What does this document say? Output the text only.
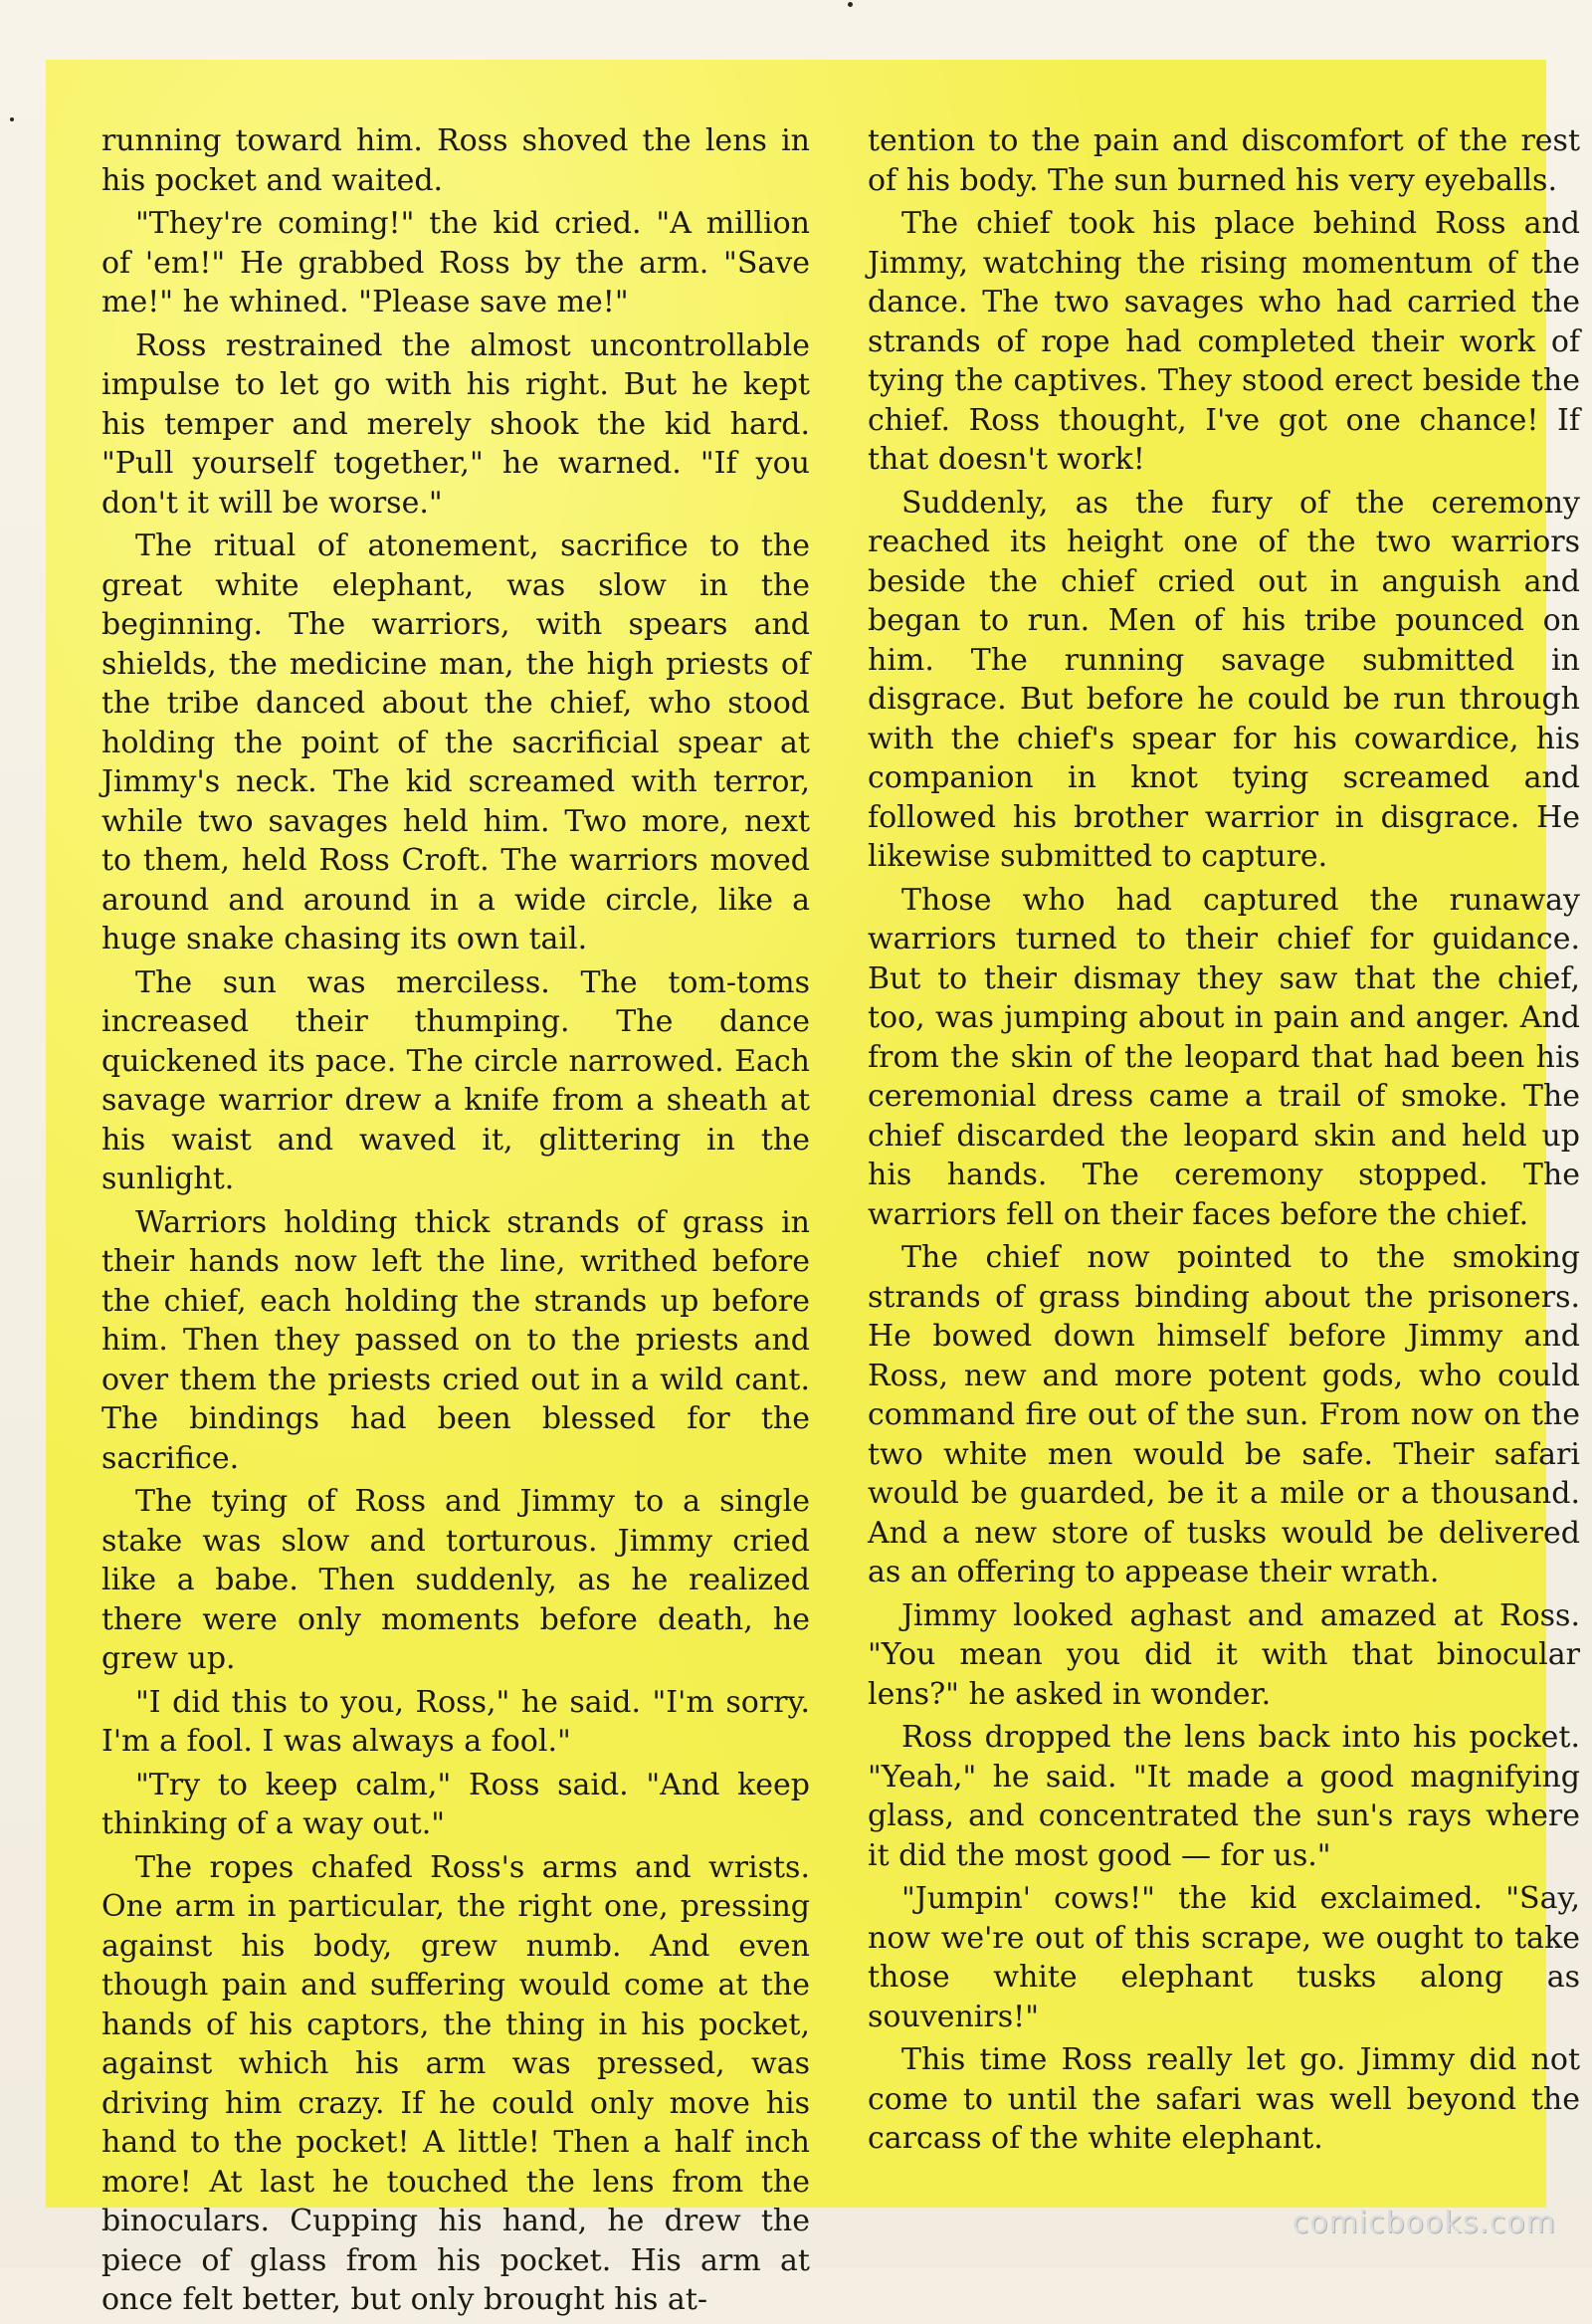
running toward him. Ross shoved the lens in his pocket and waited.

"They're coming!" the kid cried. "A million of 'em!" He grabbed Ross by the arm. "Save me!" he whined. "Please save me!"

Ross restrained the almost uncontrollable impulse to let go with his right. But he kept his temper and merely shook the kid hard. "Pull yourself together," he warned. "If you don't it will be worse."

The ritual of atonement, sacrifice to the great white elephant, was slow in the beginning. The warriors, with spears and shields, the medicine man, the high priests of the tribe danced about the chief, who stood holding the point of the sacrificial spear at Jimmy's neck. The kid screamed with terror, while two savages held him. Two more, next to them, held Ross Croft. The warriors moved around and around in a wide circle, like a huge snake chasing its own tail.

The sun was merciless. The tom-toms increased their thumping. The dance quickened its pace. The circle narrowed. Each savage warrior drew a knife from a sheath at his waist and waved it, glittering in the sunlight.

Warriors holding thick strands of grass in their hands now left the line, writhed before the chief, each holding the strands up before him. Then they passed on to the priests and over them the priests cried out in a wild cant. The bindings had been blessed for the sacrifice.

The tying of Ross and Jimmy to a single stake was slow and torturous. Jimmy cried like a babe. Then suddenly, as he realized there were only moments before death, he grew up.

"I did this to you, Ross," he said. "I'm sorry. I'm a fool. I was always a fool."

"Try to keep calm," Ross said. "And keep thinking of a way out."

The ropes chafed Ross's arms and wrists. One arm in particular, the right one, pressing against his body, grew numb. And even though pain and suffering would come at the hands of his captors, the thing in his pocket, against which his arm was pressed, was driving him crazy. If he could only move his hand to the pocket! A little! Then a half inch more! At last he touched the lens from the binoculars. Cupping his hand, he drew the piece of glass from his pocket. His arm at once felt better, but only brought his at-

tention to the pain and discomfort of the rest of his body. The sun burned his very eyeballs.

The chief took his place behind Ross and Jimmy, watching the rising momentum of the dance. The two savages who had carried the strands of rope had completed their work of tying the captives. They stood erect beside the chief. Ross thought, I've got one chance! If that doesn't work!

Suddenly, as the fury of the ceremony reached its height one of the two warriors beside the chief cried out in anguish and began to run. Men of his tribe pounced on him. The running savage submitted in disgrace. But before he could be run through with the chief's spear for his cowardice, his companion in knot tying screamed and followed his brother warrior in disgrace. He likewise submitted to capture.

Those who had captured the runaway warriors turned to their chief for guidance. But to their dismay they saw that the chief, too, was jumping about in pain and anger. And from the skin of the leopard that had been his ceremonial dress came a trail of smoke. The chief discarded the leopard skin and held up his hands. The ceremony stopped. The warriors fell on their faces before the chief.

The chief now pointed to the smoking strands of grass binding about the prisoners. He bowed down himself before Jimmy and Ross, new and more potent gods, who could command fire out of the sun. From now on the two white men would be safe. Their safari would be guarded, be it a mile or a thousand. And a new store of tusks would be delivered as an offering to appease their wrath.

Jimmy looked aghast and amazed at Ross. "You mean you did it with that binocular lens?" he asked in wonder.

Ross dropped the lens back into his pocket. "Yeah," he said. "It made a good magnifying glass, and concentrated the sun's rays where it did the most good — for us."

"Jumpin' cows!" the kid exclaimed. "Say, now we're out of this scrape, we ought to take those white elephant tusks along as souvenirs!"

This time Ross really let go. Jimmy did not come to until the safari was well beyond the carcass of the white elephant.

comicbooks.com
